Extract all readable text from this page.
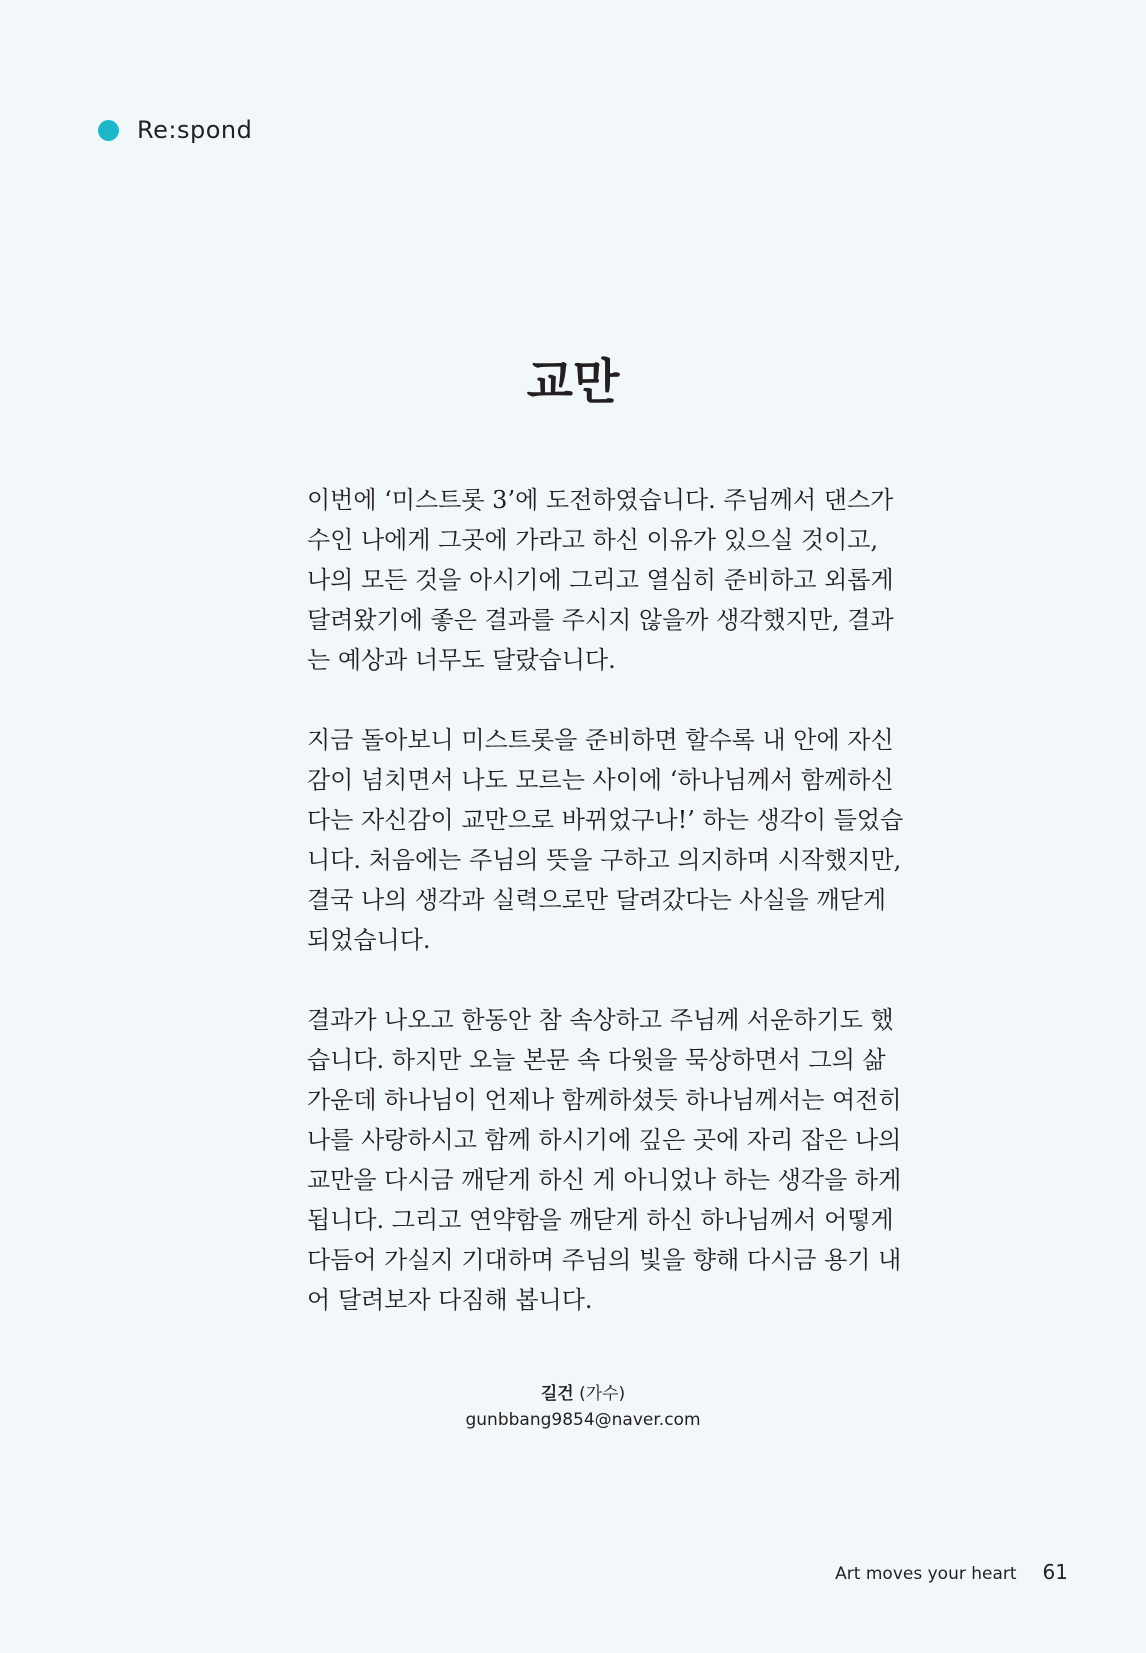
Re:spond
교만
이번에 ‘미스트롯 3’에 도전하였습니다. 주님께서 댄스가
수인 나에게 그곳에 가라고 하신 이유가 있으실 것이고,
나의 모든 것을 아시기에 그리고 열심히 준비하고 외롭게
달려왔기에 좋은 결과를 주시지 않을까 생각했지만, 결과
는 예상과 너무도 달랐습니다.
지금 돌아보니 미스트롯을 준비하면 할수록 내 안에 자신
감이 넘치면서 나도 모르는 사이에 ‘하나님께서 함께하신
다는 자신감이 교만으로 바뀌었구나!’ 하는 생각이 들었습
니다. 처음에는 주님의 뜻을 구하고 의지하며 시작했지만,
결국 나의 생각과 실력으로만 달려갔다는 사실을 깨닫게
되었습니다.
결과가 나오고 한동안 참 속상하고 주님께 서운하기도 했
습니다. 하지만 오늘 본문 속 다윗을 묵상하면서 그의 삶
가운데 하나님이 언제나 함께하셨듯 하나님께서는 여전히
나를 사랑하시고 함께 하시기에 깊은 곳에 자리 잡은 나의
교만을 다시금 깨닫게 하신 게 아니었나 하는 생각을 하게
됩니다. 그리고 연약함을 깨닫게 하신 하나님께서 어떻게
다듬어 가실지 기대하며 주님의 빛을 향해 다시금 용기 내
어 달려보자 다짐해 봅니다.
길건 (가수)
gunbbang9854@naver.com
Art moves your heart 61
